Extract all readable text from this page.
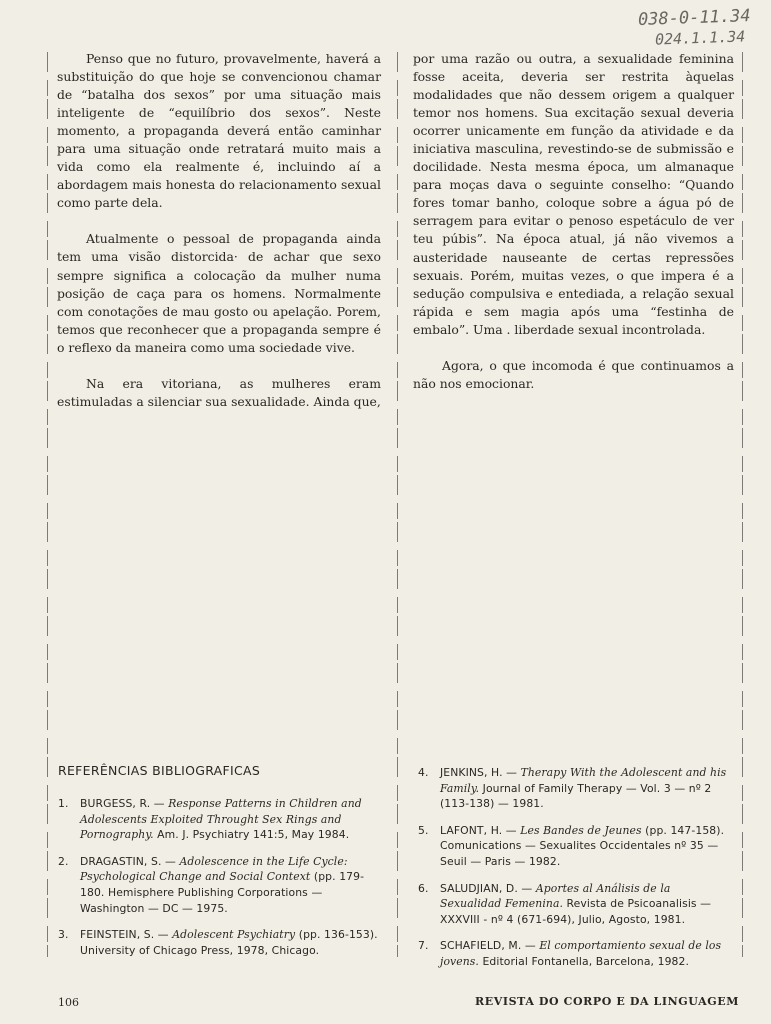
038-0-11.34
024.1.1.34

Penso que no futuro, provavelmente, haverá a substituição do que hoje se convencionou chamar de “batalha dos sexos” por uma situação mais inteligente de “equilíbrio dos sexos”. Neste momento, a propaganda deverá então caminhar para uma situação onde retratará muito mais a vida como ela realmente é, incluindo aí a abordagem mais honesta do relacionamento sexual como parte dela.

Atualmente o pessoal de propaganda ainda tem uma visão distorcida· de achar que sexo sempre significa a colocação da mulher numa posição de caça para os homens. Normalmente com conotações de mau gosto ou apelação. Porem, temos que reconhecer que a propaganda sempre é o reflexo da maneira como uma sociedade vive.

Na era vitoriana, as mulheres eram estimuladas a silenciar sua sexualidade. Ainda que,

por uma razão ou outra, a sexualidade feminina fosse aceita, deveria ser restrita àquelas modalidades que não dessem origem a qualquer temor nos homens. Sua excitação sexual deveria ocorrer unicamente em função da atividade e da iniciativa masculina, revestindo-se de submissão e docilidade. Nesta mesma época, um almanaque para moças dava o seguinte conselho: “Quando fores tomar banho, coloque sobre a água pó de serragem para evitar o penoso espetáculo de ver teu púbis”. Na época atual, já não vivemos a austeridade nauseante de certas repressões sexuais. Porém, muitas vezes, o que impera é a sedução compulsiva e entediada, a relação sexual rápida e sem magia após uma “festinha de embalo”. Uma . liberdade sexual incontrolada.

Agora, o que incomoda é que continuamos a não nos emocionar.

REFERÊNCIAS BIBLIOGRAFICAS
1.	BURGESS, R. — Response Patterns in Children and Adolescents Exploited Throught Sex Rings and Pornography. Am. J. Psychiatry 141:5, May 1984.
2.	DRAGASTIN, S. — Adolescence in the Life Cycle: Psychological Change and Social Context (pp. 179-180. Hemisphere Publishing Corporations — Washington — DC — 1975.
3.	FEINSTEIN, S. — Adolescent Psychiatry (pp. 136-153). University of Chicago Press, 1978, Chicago.
4.	JENKINS, H. — Therapy With the Adolescent and his Family. Journal of Family Therapy — Vol. 3 — nº 2 (113-138) — 1981.
5.	LAFONT, H. — Les Bandes de Jeunes (pp. 147-158). Comunications — Sexualites Occidentales nº 35 — Seuil — Paris — 1982.
6.	SALUDJIAN, D. — Aportes al Análisis de la Sexualidad Femenina. Revista de Psicoanalisis — XXXVIII - nº 4 (671-694), Julio, Agosto, 1981.
7.	SCHAFIELD, M. — El comportamiento sexual de los jovens. Editorial Fontanella, Barcelona, 1982.
106	REVISTA DO CORPO E DA LINGUAGEM
